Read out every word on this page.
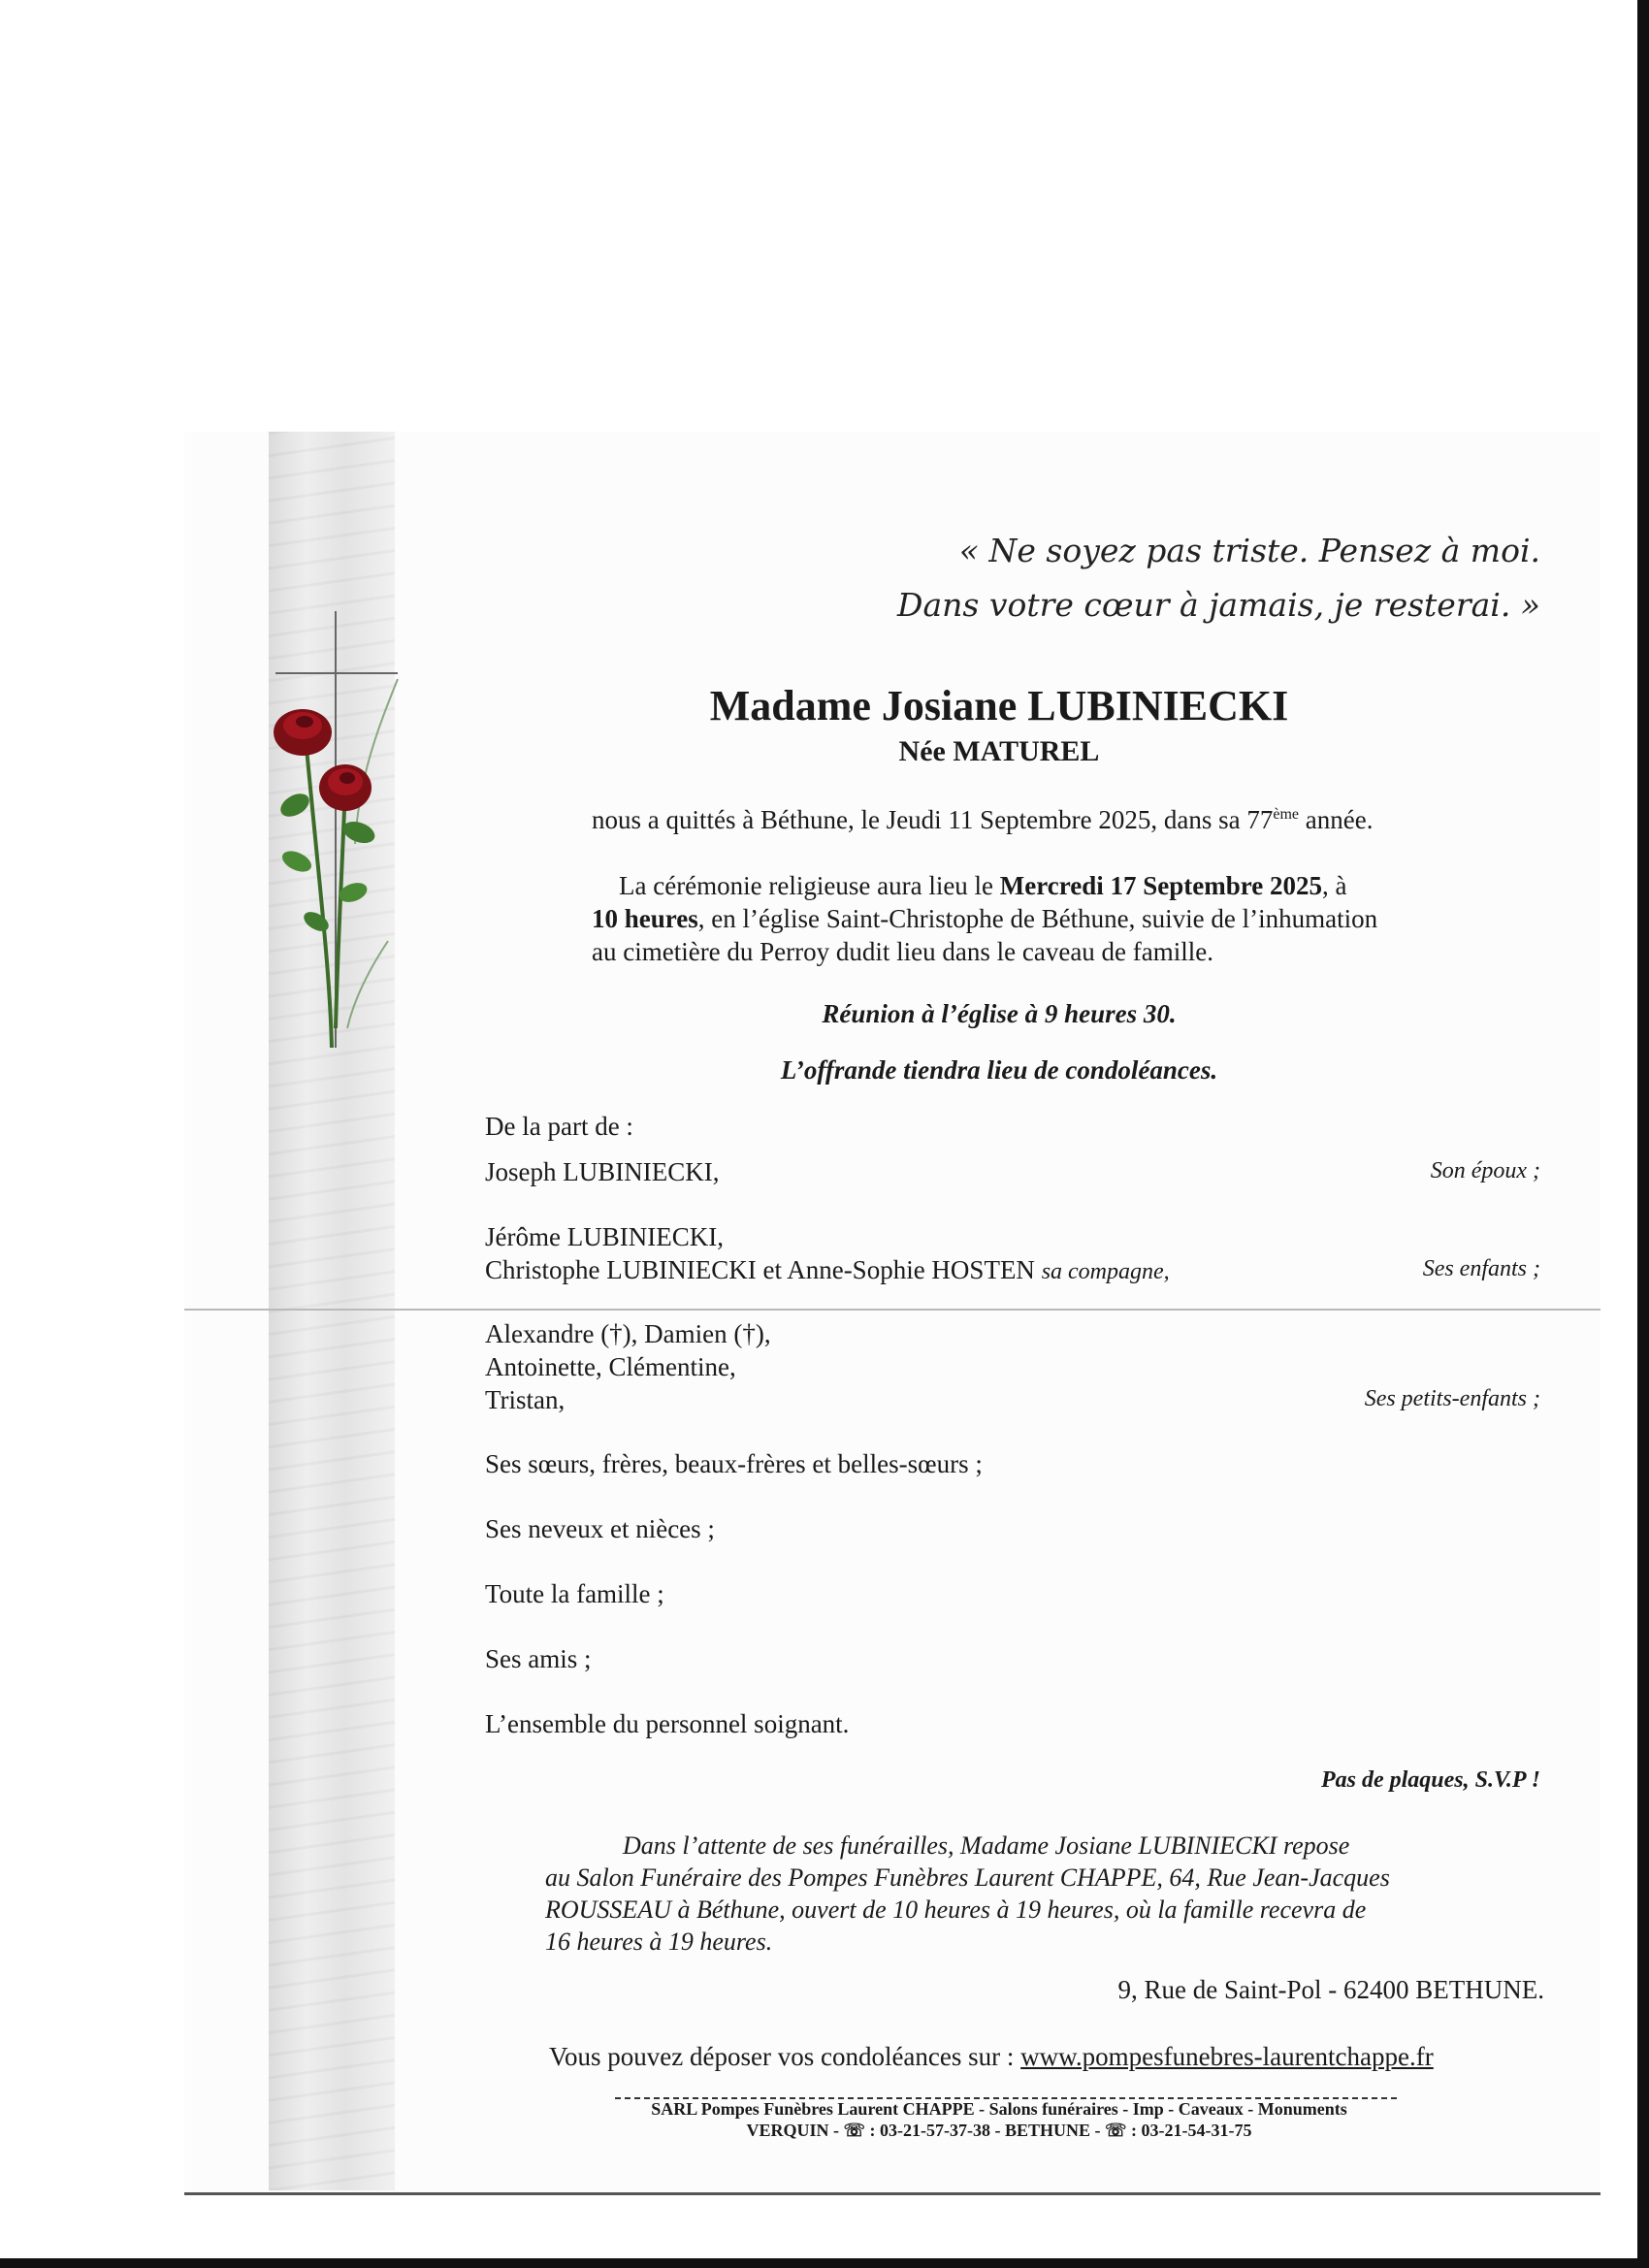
« Ne soyez pas triste. Pensez à moi.
Dans votre cœur à jamais, je resterai. »
Madame Josiane LUBINIECKI
Née MATUREL
nous a quittés à Béthune, le Jeudi 11 Septembre 2025, dans sa 77ème année.
La cérémonie religieuse aura lieu le Mercredi 17 Septembre 2025, à
10 heures, en l’église Saint-Christophe de Béthune, suivie de l’inhumation
au cimetière du Perroy dudit lieu dans le caveau de famille.
Réunion à l’église à 9 heures 30.
L’offrande tiendra lieu de condoléances.
De la part de :
Joseph LUBINIECKI,	Son époux ;
Jérôme LUBINIECKI,
Christophe LUBINIECKI et Anne-Sophie HOSTEN sa compagne,	Ses enfants ;
Alexandre (†), Damien (†),
Antoinette, Clémentine,
Tristan,	Ses petits-enfants ;
Ses sœurs, frères, beaux-frères et belles-sœurs ;
Ses neveux et nièces ;
Toute la famille ;
Ses amis ;
L’ensemble du personnel soignant.
Pas de plaques, S.V.P !
Dans l’attente de ses funérailles, Madame Josiane LUBINIECKI repose
au Salon Funéraire des Pompes Funèbres Laurent CHAPPE, 64, Rue Jean-Jacques
ROUSSEAU à Béthune, ouvert de 10 heures à 19 heures, où la famille recevra de
16 heures à 19 heures.
9, Rue de Saint-Pol - 62400 BETHUNE.
Vous pouvez déposer vos condoléances sur : www.pompesfunebres-laurentchappe.fr
SARL Pompes Funèbres Laurent CHAPPE - Salons funéraires - Imp - Caveaux - Monuments
VERQUIN - ☏ : 03-21-57-37-38 - BETHUNE - ☏ : 03-21-54-31-75
